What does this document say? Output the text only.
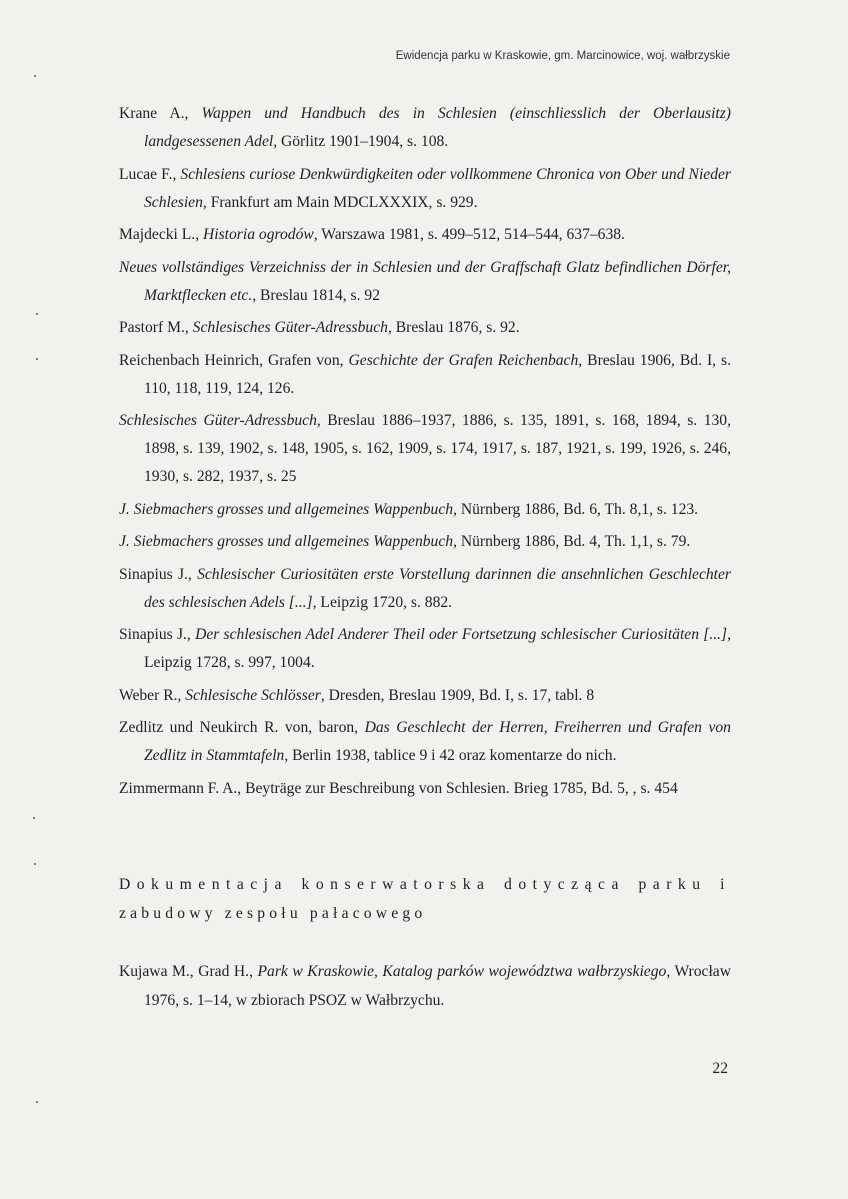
Ewidencja parku w Kraskowie, gm. Marcinowice, woj. wałbrzyskie

Krane A., Wappen und Handbuch des in Schlesien (einschliesslich der Oberlausitz) landgesessenen Adel, Görlitz 1901–1904, s. 108.

Lucae F., Schlesiens curiose Denkwürdigkeiten oder vollkommene Chronica von Ober und Nieder Schlesien, Frankfurt am Main MDCLXXXIX, s. 929.

Majdecki L., Historia ogrodów, Warszawa 1981, s. 499–512, 514–544, 637–638.

Neues vollständiges Verzeichniss der in Schlesien und der Graffschaft Glatz befindlichen Dörfer, Marktflecken etc., Breslau 1814, s. 92

Pastorf M., Schlesisches Güter-Adressbuch, Breslau 1876, s. 92.

Reichenbach Heinrich, Grafen von, Geschichte der Grafen Reichenbach, Breslau 1906, Bd. I, s. 110, 118, 119, 124, 126.

Schlesisches Güter-Adressbuch, Breslau 1886–1937, 1886, s. 135, 1891, s. 168, 1894, s. 130, 1898, s. 139, 1902, s. 148, 1905, s. 162, 1909, s. 174, 1917, s. 187, 1921, s. 199, 1926, s. 246, 1930, s. 282, 1937, s. 25

J. Siebmachers grosses und allgemeines Wappenbuch, Nürnberg 1886, Bd. 6, Th. 8,1, s. 123.

J. Siebmachers grosses und allgemeines Wappenbuch, Nürnberg 1886, Bd. 4, Th. 1,1, s. 79.

Sinapius J., Schlesischer Curiositäten erste Vorstellung darinnen die ansehnlichen Geschlechter des schlesischen Adels [...], Leipzig 1720, s. 882.

Sinapius J., Der schlesischen Adel Anderer Theil oder Fortsetzung schlesischer Curiositäten [...], Leipzig 1728, s. 997, 1004.

Weber R., Schlesische Schlösser, Dresden, Breslau 1909, Bd. I, s. 17, tabl. 8

Zedlitz und Neukirch R. von, baron, Das Geschlecht der Herren, Freiherren und Grafen von Zedlitz in Stammtafeln, Berlin 1938, tablice 9 i 42 oraz komentarze do nich.

Zimmermann F. A., Beyträge zur Beschreibung von Schlesien. Brieg 1785, Bd. 5, , s. 454

Dokumentacja konserwatorska dotycząca parku i
zabudowy zespołu pałacowego

Kujawa M., Grad H., Park w Kraskowie, Katalog parków województwa wałbrzyskiego, Wrocław 1976, s. 1–14, w zbiorach PSOZ w Wałbrzychu.

22
